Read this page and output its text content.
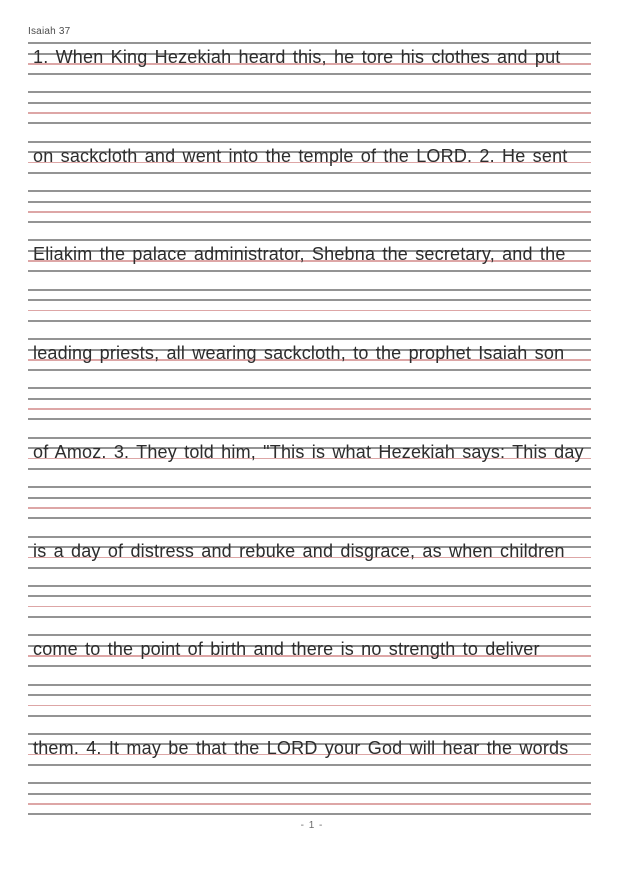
Isaiah 37
1. When King Hezekiah heard this, he tore his clothes and put
on sackcloth and went into the temple of the LORD. 2. He sent
Eliakim the palace administrator, Shebna the secretary, and the
leading priests, all wearing sackcloth, to the prophet Isaiah son
of Amoz. 3. They told him, "This is what Hezekiah says: This day
is a day of distress and rebuke and disgrace, as when children
come to the point of birth and there is no strength to deliver
them. 4. It may be that the LORD your God will hear the words
- 1 -
